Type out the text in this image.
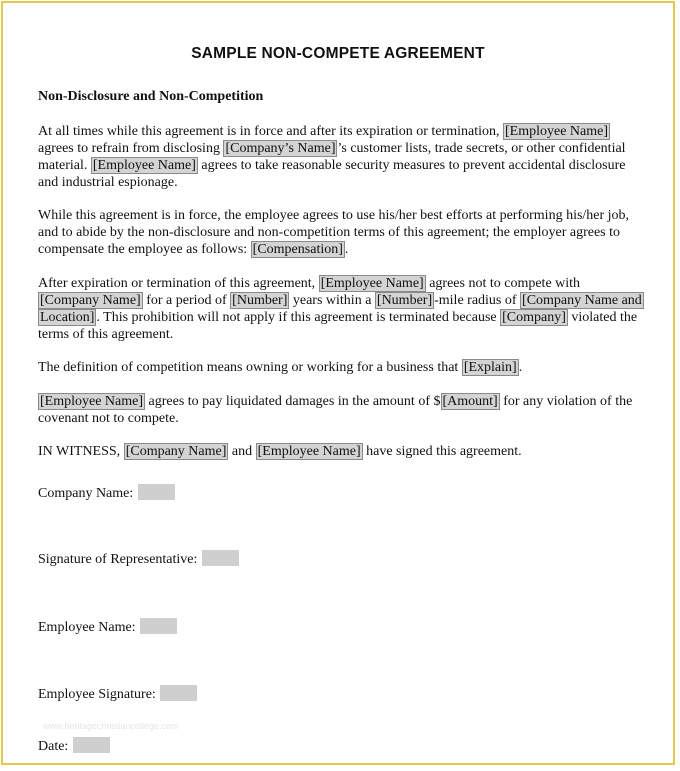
SAMPLE NON-COMPETE AGREEMENT
Non-Disclosure and Non-Competition
At all times while this agreement is in force and after its expiration or termination, [Employee Name]
agrees to refrain from disclosing [Company’s Name] ’s customer lists, trade secrets, or other confidential
material. [Employee Name] agrees to take reasonable security measures to prevent accidental disclosure
and industrial espionage.
While this agreement is in force, the employee agrees to use his/her best efforts at performing his/her job,
and to abide by the non-disclosure and non-competition terms of this agreement; the employer agrees to
compensate the employee as follows: [Compensation] .
After expiration or termination of this agreement, [Employee Name] agrees not to compete with
[Company Name] for a period of [Number] years within a [Number] -mile radius of [Company Name and
Location] . This prohibition will not apply if this agreement is terminated because [Company] violated the
terms of this agreement.
The definition of competition means owning or working for a business that [Explain] .
[Employee Name] agrees to pay liquidated damages in the amount of $ [Amount] for any violation of the
covenant not to compete.
IN WITNESS, [Company Name] and [Employee Name] have signed this agreement.
Company Name:
Signature of Representative:
Employee Name:
Employee Signature:
www.heritagechristiancollege.com
Date:
